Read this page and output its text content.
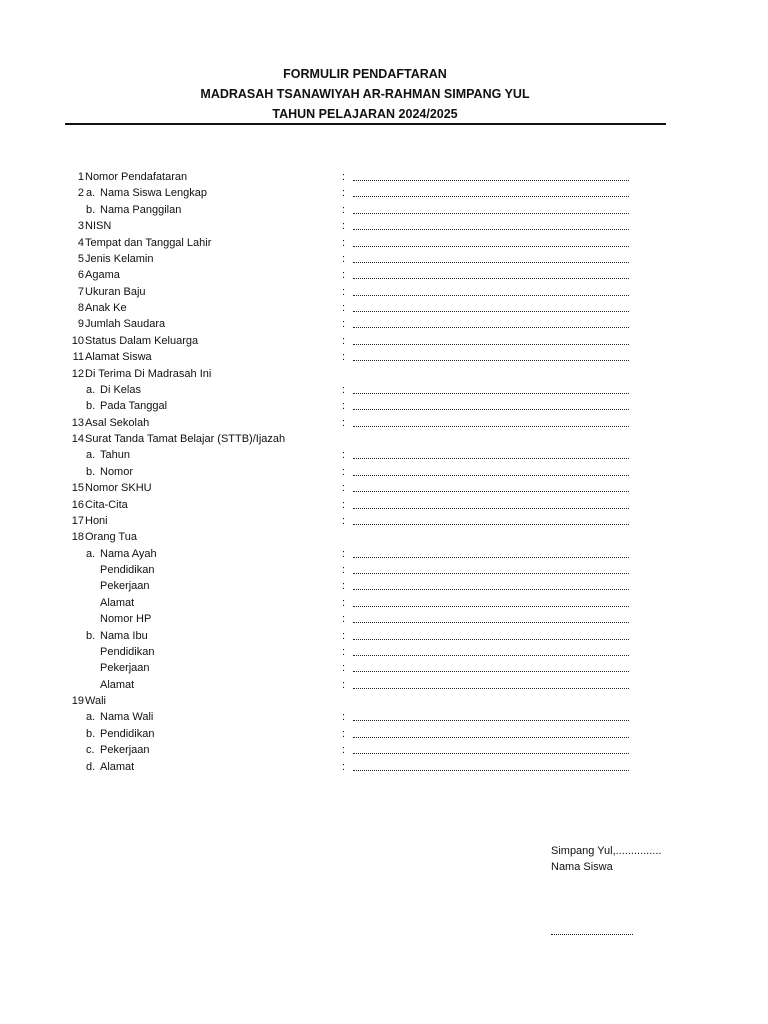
FORMULIR PENDAFTARAN
MADRASAH TSANAWIYAH AR-RAHMAN SIMPANG YUL
TAHUN PELAJARAN 2024/2025
1 Nomor Pendafataran	:
2 a. Nama Siswa Lengkap	:
b. Nama Panggilan	:
3 NISN	:
4 Tempat dan Tanggal Lahir	:
5 Jenis Kelamin	:
6 Agama	:
7 Ukuran Baju	:
8 Anak Ke	:
9 Jumlah Saudara	:
10 Status Dalam Keluarga	:
11 Alamat Siswa	:
12 Di Terima Di Madrasah Ini
a. Di Kelas	:
b. Pada Tanggal	:
13 Asal Sekolah	:
14 Surat Tanda Tamat Belajar (STTB)/Ijazah
a. Tahun	:
b. Nomor	:
15 Nomor SKHU	:
16 Cita-Cita	:
17 Honi	:
18 Orang Tua
a. Nama Ayah	:
Pendidikan	:
Pekerjaan	:
Alamat	:
Nomor HP	:
b. Nama Ibu	:
Pendidikan	:
Pekerjaan	:
Alamat	:
19 Wali
a. Nama Wali	:
b. Pendidikan	:
c. Pekerjaan	:
d. Alamat	:
Simpang Yul,...............
Nama Siswa
